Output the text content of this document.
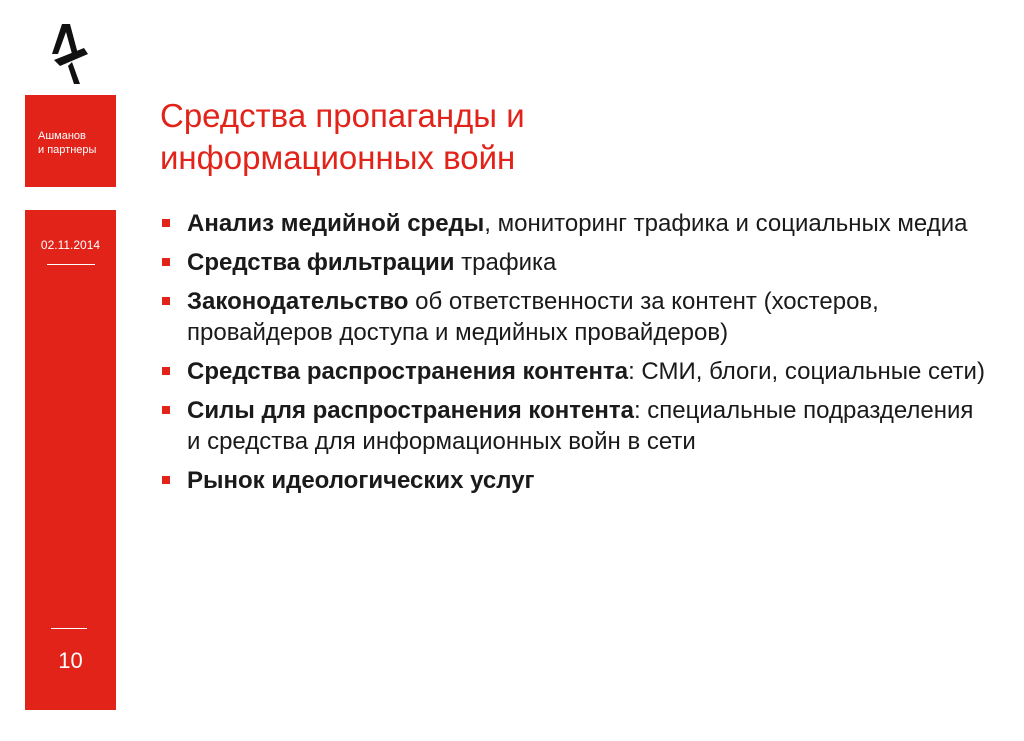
Ашманов
и партнеры
02.11.2014
10
Средства пропаганды и
информационных войн
Анализ медийной среды, мониторинг трафика и социальных медиа
Средства фильтрации трафика
Законодательство об ответственности за контент (хостеров, провайдеров доступа и медийных провайдеров)
Средства распространения контента: СМИ, блоги, социальные сети)
Силы для распространения контента: специальные подразделения и средства для информационных войн в сети
Рынок идеологических услуг
